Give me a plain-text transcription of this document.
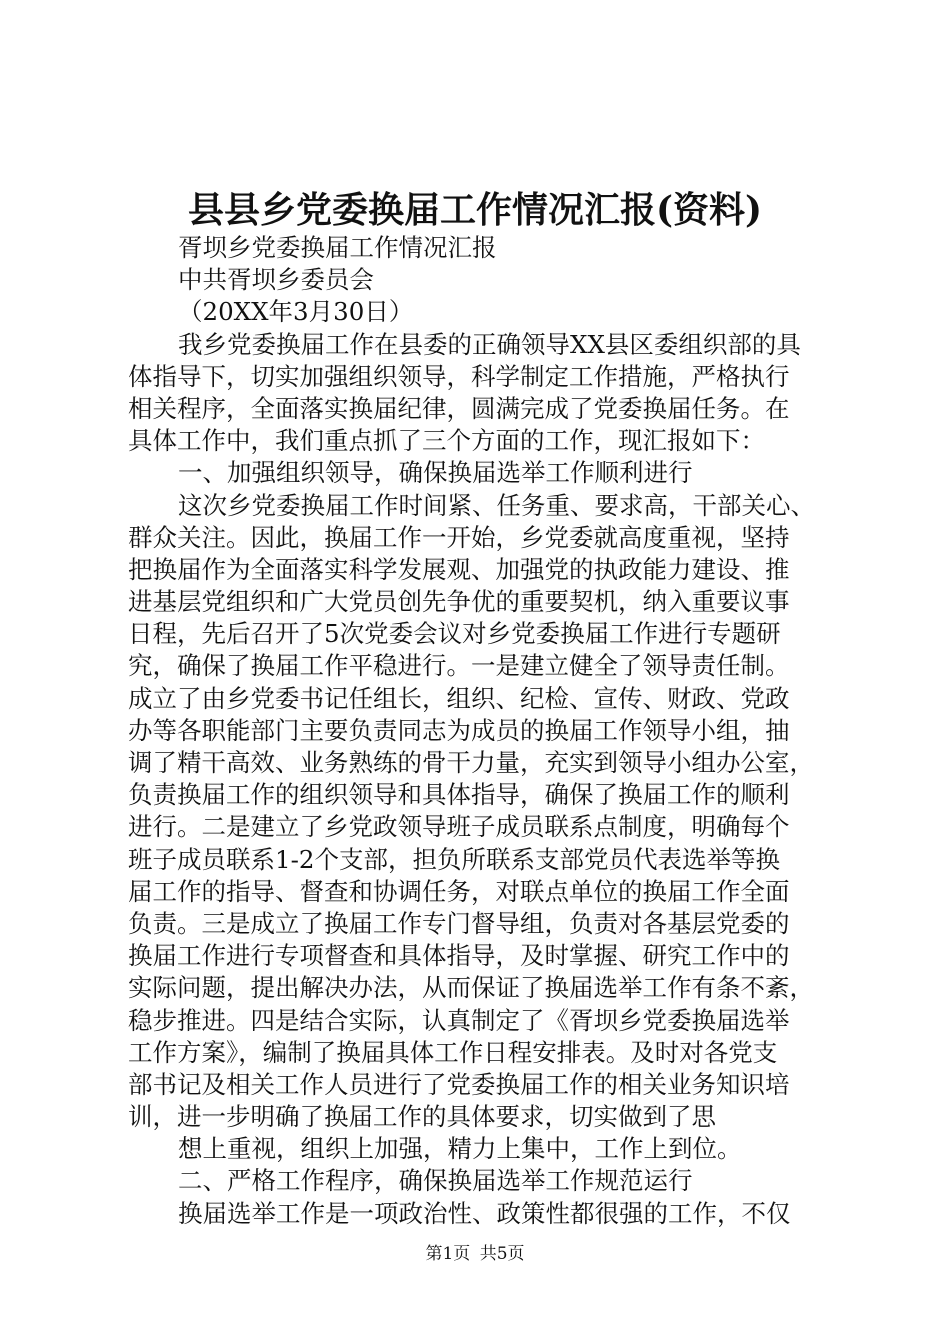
县县乡党委换届工作情况汇报(资料)
胥坝乡党委换届工作情况汇报
中共胥坝乡委员会
（20XX年3月30日）
我乡党委换届工作在县委的正确领导XX县区委组织部的具
体指导下，切实加强组织领导，科学制定工作措施，严格执行
相关程序，全面落实换届纪律，圆满完成了党委换届任务。在
具体工作中，我们重点抓了三个方面的工作，现汇报如下：
一、加强组织领导，确保换届选举工作顺利进行
这次乡党委换届工作时间紧、任务重、要求高，干部关心、
群众关注。因此，换届工作一开始，乡党委就高度重视，坚持
把换届作为全面落实科学发展观、加强党的执政能力建设、推
进基层党组织和广大党员创先争优的重要契机，纳入重要议事
日程，先后召开了5次党委会议对乡党委换届工作进行专题研
究，确保了换届工作平稳进行。一是建立健全了领导责任制。
成立了由乡党委书记任组长，组织、纪检、宣传、财政、党政
办等各职能部门主要负责同志为成员的换届工作领导小组，抽
调了精干高效、业务熟练的骨干力量，充实到领导小组办公室，
负责换届工作的组织领导和具体指导，确保了换届工作的顺利
进行。二是建立了乡党政领导班子成员联系点制度，明确每个
班子成员联系1-2个支部，担负所联系支部党员代表选举等换
届工作的指导、督查和协调任务，对联点单位的换届工作全面
负责。三是成立了换届工作专门督导组，负责对各基层党委的
换届工作进行专项督查和具体指导，及时掌握、研究工作中的
实际问题，提出解决办法，从而保证了换届选举工作有条不紊，
稳步推进。四是结合实际，认真制定了《胥坝乡党委换届选举
工作方案》，编制了换届具体工作日程安排表。及时对各党支
部书记及相关工作人员进行了党委换届工作的相关业务知识培
训，进一步明确了换届工作的具体要求，切实做到了思
想上重视，组织上加强，精力上集中，工作上到位。
二、严格工作程序，确保换届选举工作规范运行
换届选举工作是一项政治性、政策性都很强的工作，不仅
第1页 共5页
